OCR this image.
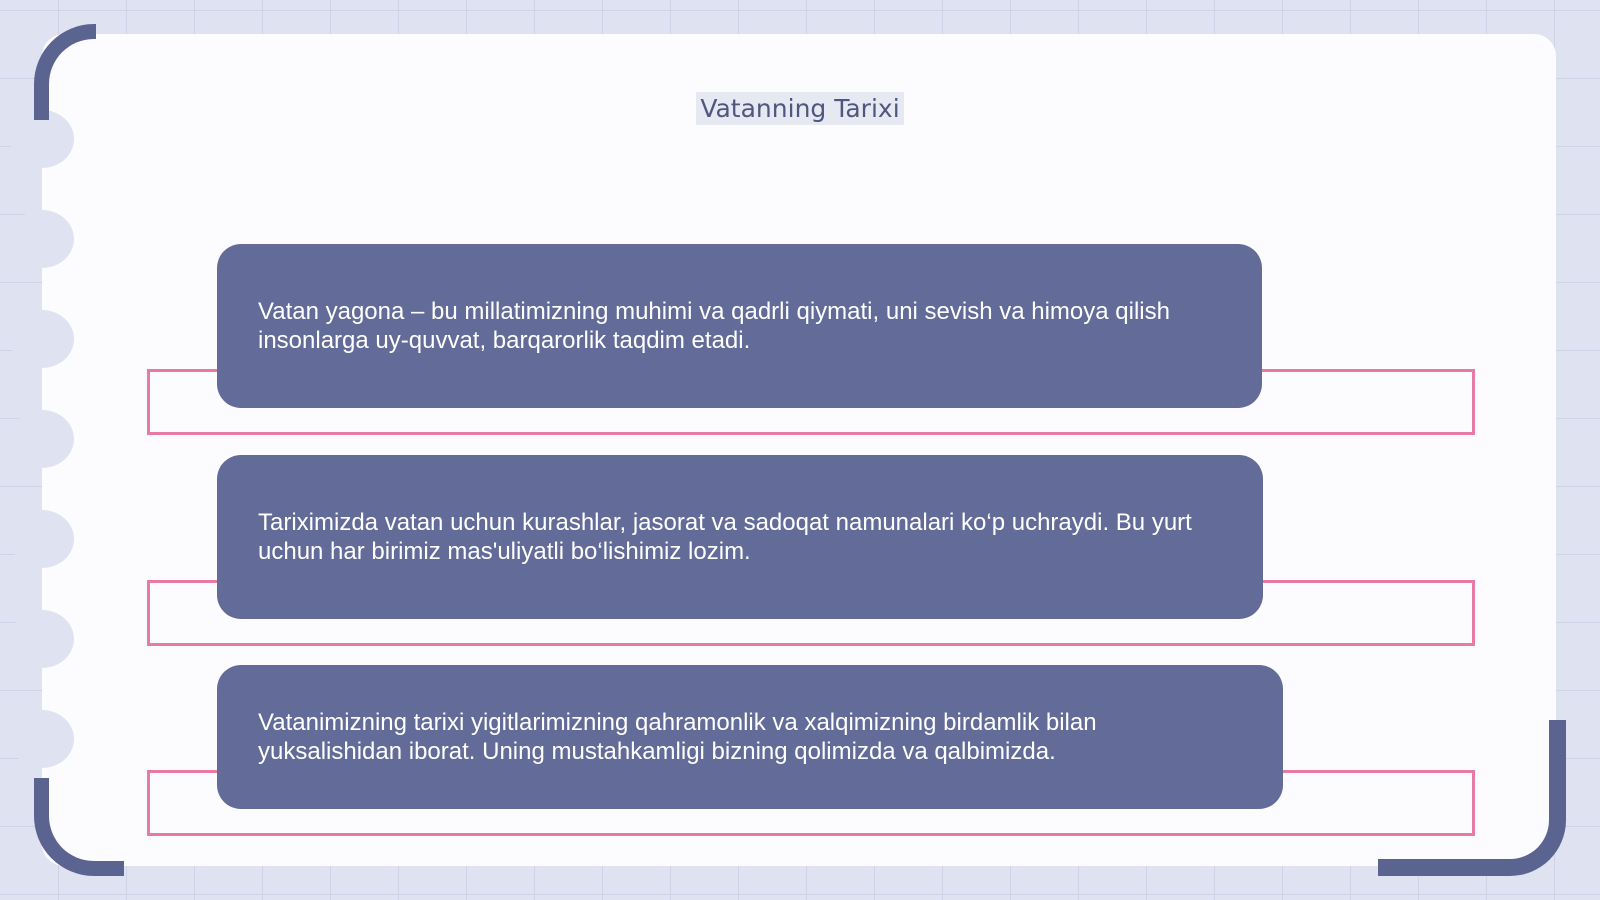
Vatanning Tarixi

Vatan yagona – bu millatimizning muhimi va qadrli qiymati, uni sevish va himoya qilish insonlarga uy-quvvat, barqarorlik taqdim etadi.

Tariximizda vatan uchun kurashlar, jasorat va sadoqat namunalari ko‘p uchraydi. Bu yurt uchun har birimiz mas'uliyatli bo‘lishimiz lozim.

Vatanimizning tarixi yigitlarimizning qahramonlik va xalqimizning birdamlik bilan yuksalishidan iborat. Uning mustahkamligi bizning qolimizda va qalbimizda.
